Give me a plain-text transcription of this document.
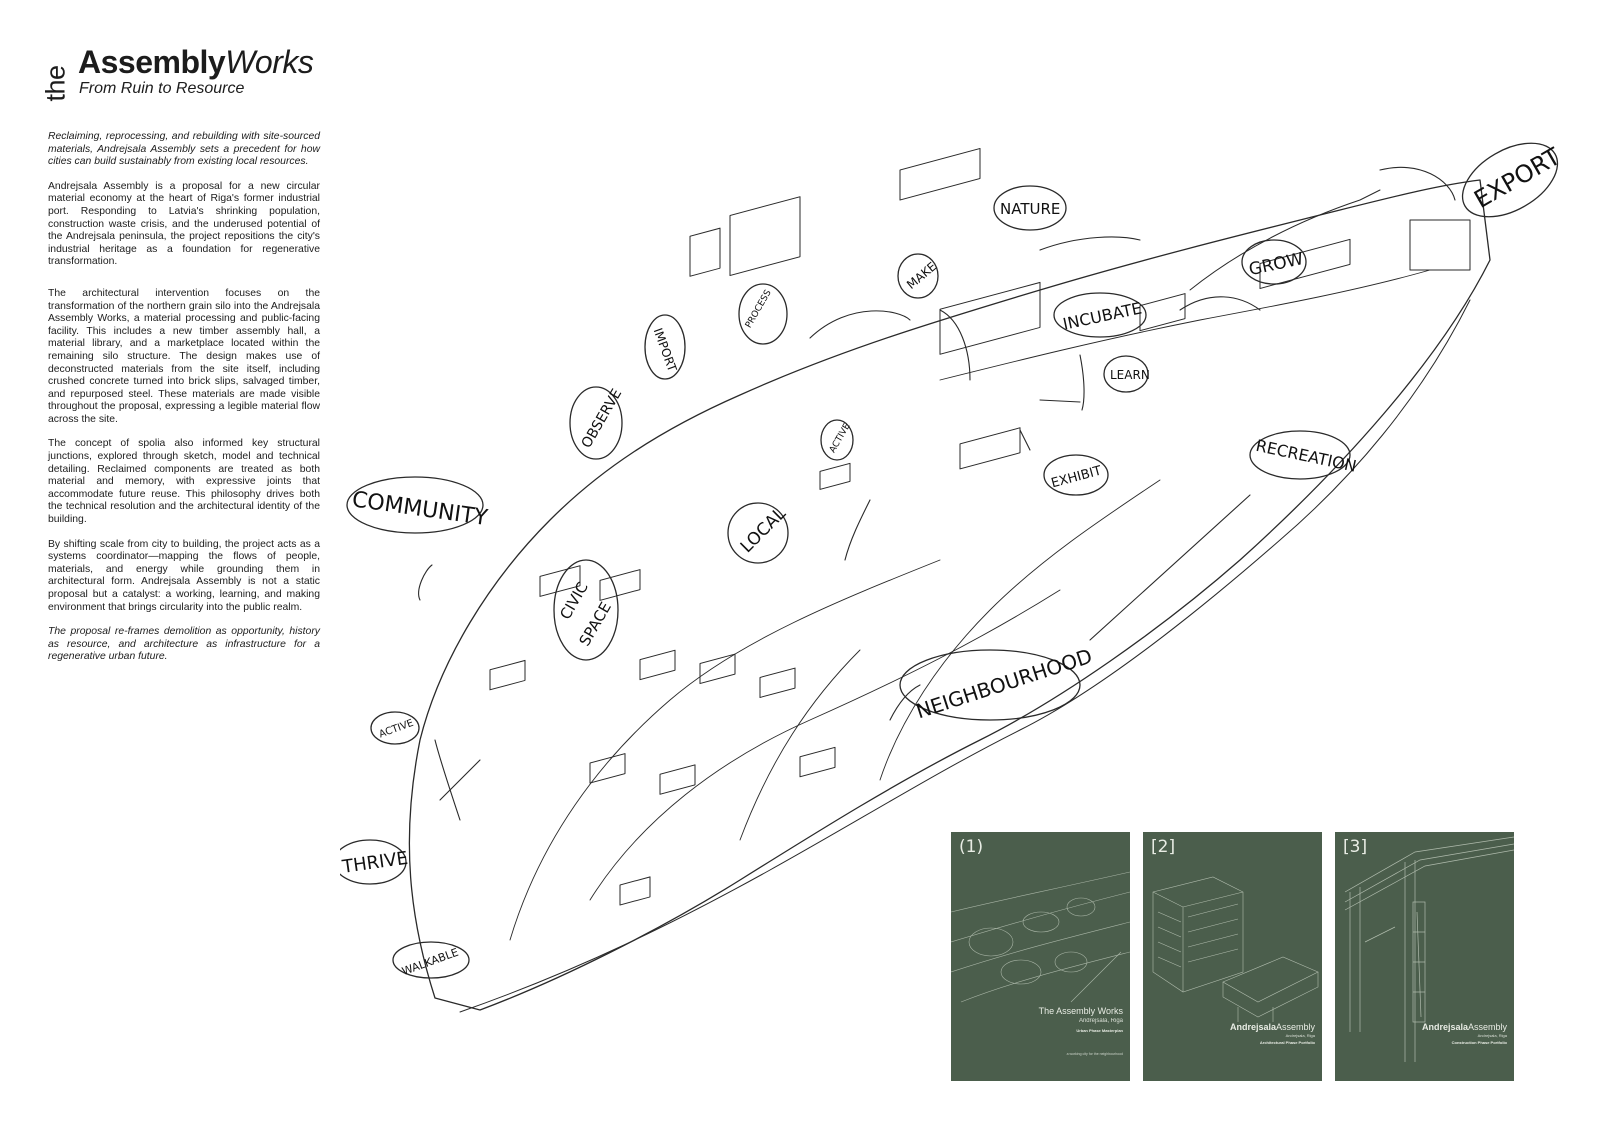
the
AssemblyWorks
From Ruin to Resource

Reclaiming, reprocessing, and rebuilding with site-sourced materials, Andrejsala Assembly sets a precedent for how cities can build sustainably from existing local resources.

Andrejsala Assembly is a proposal for a new circular material economy at the heart of Riga's former industrial port. Responding to Latvia's shrinking population, construction waste crisis, and the underused potential of the Andrejsala peninsula, the project repositions the city's industrial heritage as a foundation for regenerative transformation.

The architectural intervention focuses on the transformation of the northern grain silo into the Andrejsala Assembly Works, a material processing and public-facing facility. This includes a new timber assembly hall, a material library, and a marketplace located within the remaining silo structure. The design makes use of deconstructed materials from the site itself, including crushed concrete turned into brick slips, salvaged timber, and repurposed steel. These materials are made visible throughout the proposal, expressing a legible material flow across the site.

The concept of spolia also informed key structural junctions, explored through sketch, model and technical detailing. Reclaimed components are treated as both material and memory, with expressive joints that accommodate future reuse. This philosophy drives both the technical resolution and the architectural identity of the building.

By shifting scale from city to building, the project acts as a systems coordinator—mapping the flows of people, materials, and energy while grounding them in architectural form. Andrejsala Assembly is not a static proposal but a catalyst: a working, learning, and making environment that brings circularity into the public realm.

The proposal re-frames demolition as opportunity, history as resource, and architecture as infrastructure for a regenerative urban future.

COMMUNITY
EXPORT
NATURE
GROW
MAKE
PROCESS
IMPORT
INCUBATE
LEARN
OBSERVE	ACTIVE	RECREATION
EXHIBIT
LOCAL
CIVIC
SPACE
NEIGHBOURHOOD
ACTIVE
THRIVE
WALKABLE
(1)
The Assembly Works
Andrejsala, Riga
Urban Phase Masterplan
a working city for the neighbourhood
[2]
AndrejsalaAssembly
Andrejsala, Riga
Architectural Phase Portfolio
[3]
AndrejsalaAssembly
Andrejsala, Riga
Construction Phase Portfolio
